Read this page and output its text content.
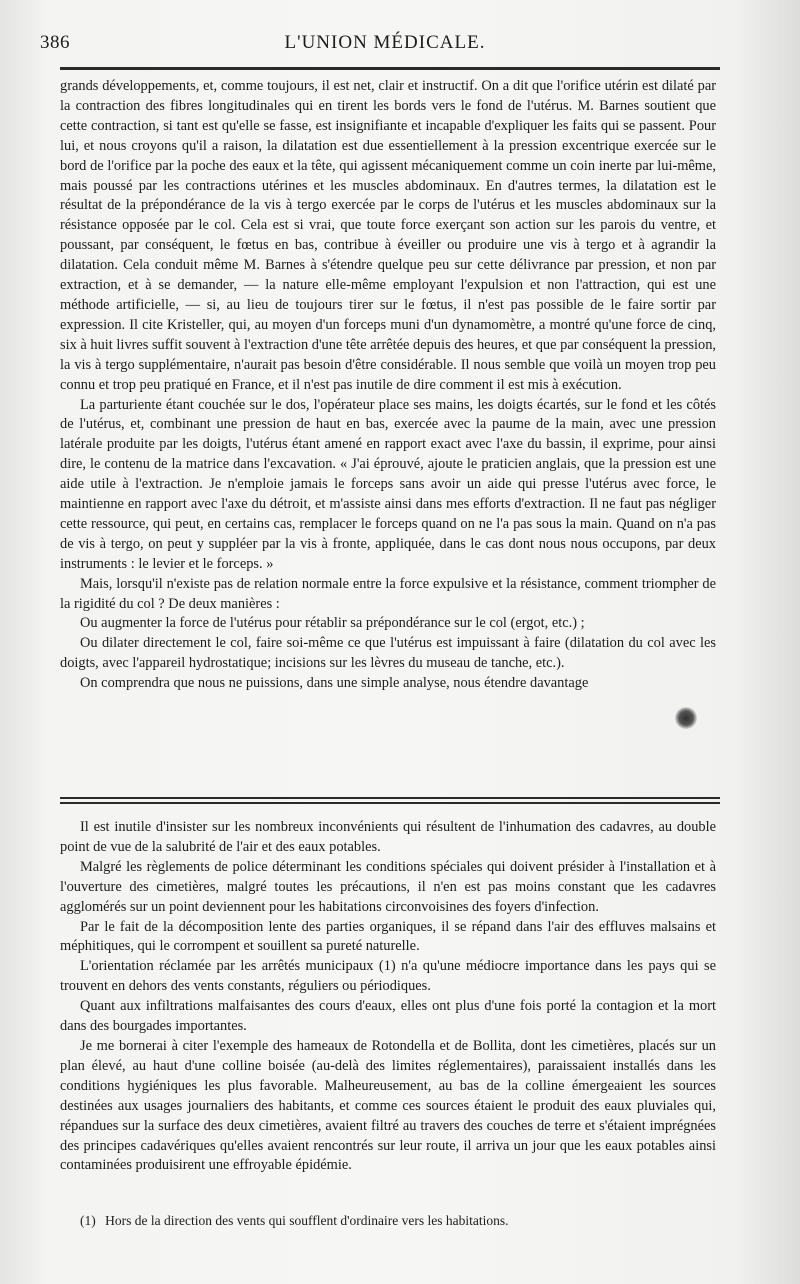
386	L'UNION MÉDICALE.

grands développements, et, comme toujours, il est net, clair et instructif. On a dit que l'orifice utérin est dilaté par la contraction des fibres longitudinales qui en tirent les bords vers le fond de l'utérus. M. Barnes soutient que cette contraction, si tant est qu'elle se fasse, est insignifiante et incapable d'expliquer les faits qui se passent. Pour lui, et nous croyons qu'il a raison, la dilatation est due essentiellement à la pression excentrique exercée sur le bord de l'orifice par la poche des eaux et la tête, qui agissent mécaniquement comme un coin inerte par lui-même, mais poussé par les contractions utérines et les muscles abdominaux. En d'autres termes, la dilatation est le résultat de la prépondérance de la vis à tergo exercée par le corps de l'utérus et les muscles abdominaux sur la résistance opposée par le col. Cela est si vrai, que toute force exerçant son action sur les parois du ventre, et poussant, par conséquent, le fœtus en bas, contribue à éveiller ou produire une vis à tergo et à agrandir la dilatation. Cela conduit même M. Barnes à s'étendre quelque peu sur cette délivrance par pression, et non par extraction, et à se demander, — la nature elle-même employant l'expulsion et non l'attraction, qui est une méthode artificielle, — si, au lieu de toujours tirer sur le fœtus, il n'est pas possible de le faire sortir par expression. Il cite Kristeller, qui, au moyen d'un forceps muni d'un dynamomètre, a montré qu'une force de cinq, six à huit livres suffit souvent à l'extraction d'une tête arrêtée depuis des heures, et que par conséquent la pression, la vis à tergo supplémentaire, n'aurait pas besoin d'être considérable. Il nous semble que voilà un moyen trop peu connu et trop peu pratiqué en France, et il n'est pas inutile de dire comment il est mis à exécution.

La parturiente étant couchée sur le dos, l'opérateur place ses mains, les doigts écartés, sur le fond et les côtés de l'utérus, et, combinant une pression de haut en bas, exercée avec la paume de la main, avec une pression latérale produite par les doigts, l'utérus étant amené en rapport exact avec l'axe du bassin, il exprime, pour ainsi dire, le contenu de la matrice dans l'excavation. « J'ai éprouvé, ajoute le praticien anglais, que la pression est une aide utile à l'extraction. Je n'emploie jamais le forceps sans avoir un aide qui presse l'utérus avec force, le maintienne en rapport avec l'axe du détroit, et m'assiste ainsi dans mes efforts d'extraction. Il ne faut pas négliger cette ressource, qui peut, en certains cas, remplacer le forceps quand on ne l'a pas sous la main. Quand on n'a pas de vis à tergo, on peut y suppléer par la vis à fronte, appliquée, dans le cas dont nous nous occupons, par deux instruments : le levier et le forceps. »

Mais, lorsqu'il n'existe pas de relation normale entre la force expulsive et la résistance, comment triompher de la rigidité du col ? De deux manières :

Ou augmenter la force de l'utérus pour rétablir sa prépondérance sur le col (ergot, etc.) ;

Ou dilater directement le col, faire soi-même ce que l'utérus est impuissant à faire (dilatation du col avec les doigts, avec l'appareil hydrostatique; incisions sur les lèvres du museau de tanche, etc.).

On comprendra que nous ne puissions, dans une simple analyse, nous étendre davantage

Il est inutile d'insister sur les nombreux inconvénients qui résultent de l'inhumation des cadavres, au double point de vue de la salubrité de l'air et des eaux potables.

Malgré les règlements de police déterminant les conditions spéciales qui doivent présider à l'installation et à l'ouverture des cimetières, malgré toutes les précautions, il n'en est pas moins constant que les cadavres agglomérés sur un point deviennent pour les habitations circonvoisines des foyers d'infection.

Par le fait de la décomposition lente des parties organiques, il se répand dans l'air des effluves malsains et méphitiques, qui le corrompent et souillent sa pureté naturelle.

L'orientation réclamée par les arrêtés municipaux (1) n'a qu'une médiocre importance dans les pays qui se trouvent en dehors des vents constants, réguliers ou périodiques.

Quant aux infiltrations malfaisantes des cours d'eaux, elles ont plus d'une fois porté la contagion et la mort dans des bourgades importantes.

Je me bornerai à citer l'exemple des hameaux de Rotondella et de Bollita, dont les cimetières, placés sur un plan élevé, au haut d'une colline boisée (au-delà des limites réglementaires), paraissaient installés dans les conditions hygiéniques les plus favorable. Malheureusement, au bas de la colline émergeaient les sources destinées aux usages journaliers des habitants, et comme ces sources étaient le produit des eaux pluviales qui, répandues sur la surface des deux cimetières, avaient filtré au travers des couches de terre et s'étaient imprégnées des principes cadavériques qu'elles avaient rencontrés sur leur route, il arriva un jour que les eaux potables ainsi contaminées produisirent une effroyable épidémie.

(1) Hors de la direction des vents qui soufflent d'ordinaire vers les habitations.
